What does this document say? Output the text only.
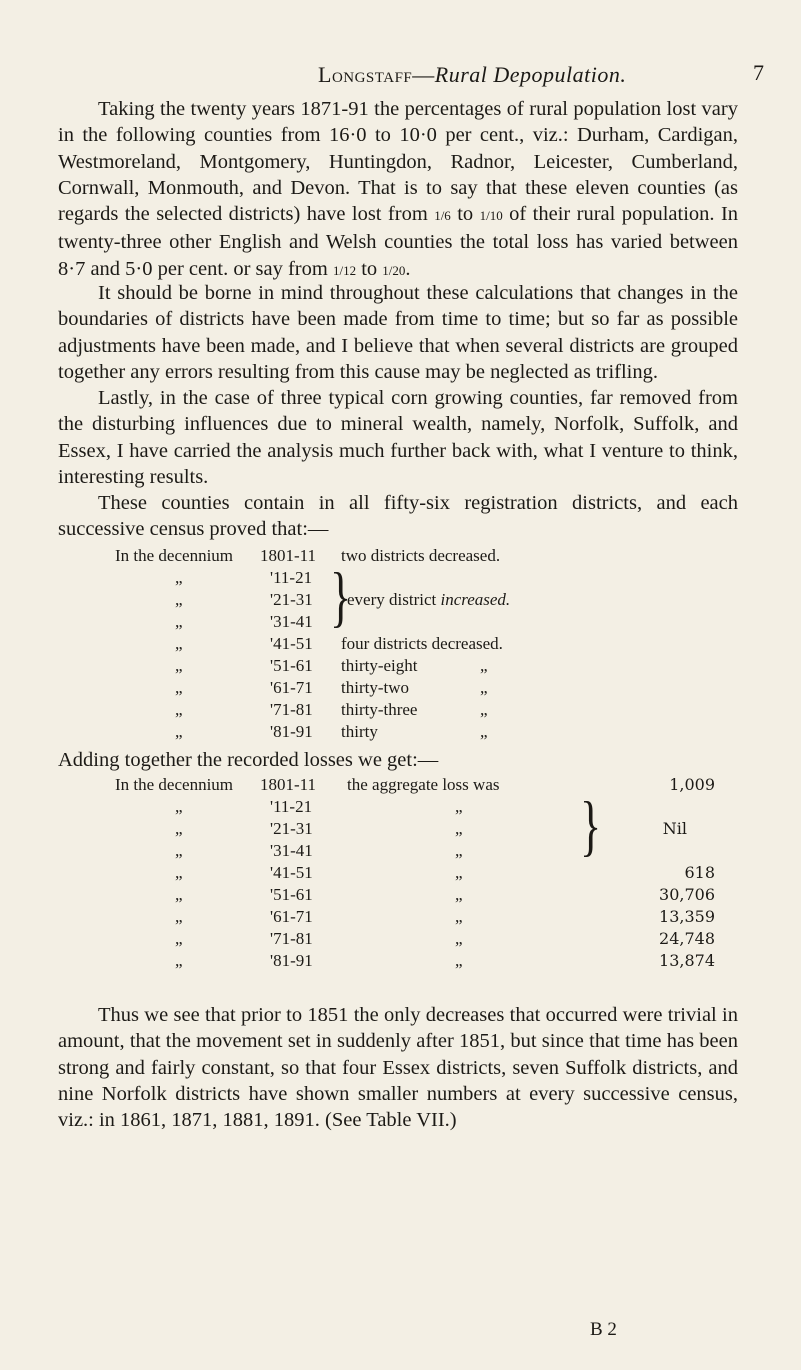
Longstaff—Rural Depopulation.	7

Taking the twenty years 1871-91 the percentages of rural population lost vary in the following counties from 16·0 to 10·0 per cent., viz.: Durham, Cardigan, Westmoreland, Montgomery, Huntingdon, Radnor, Leicester, Cumberland, Cornwall, Monmouth, and Devon. That is to say that these eleven counties (as regards the selected districts) have lost from 1/6 to 1/10 of their rural population. In twenty-three other English and Welsh counties the total loss has varied between 8·7 and 5·0 per cent. or say from 1/12 to 1/20.

It should be borne in mind throughout these calculations that changes in the boundaries of districts have been made from time to time; but so far as possible adjustments have been made, and I believe that when several districts are grouped together any errors resulting from this cause may be neglected as trifling.

Lastly, in the case of three typical corn growing counties, far removed from the disturbing influences due to mineral wealth, namely, Norfolk, Suffolk, and Essex, I have carried the analysis much further back with, what I venture to think, interesting results.

These counties contain in all fifty-six registration districts, and each successive census proved that:—

In the decennium 1801-11 two districts decreased.
„	'11-21 }
„	'21-31 every district increased.
„	'31-41
„	'41-51 four districts decreased.
„	'51-61 thirty-eight	„
„	'61-71 thirty-two	„
„	'71-81 thirty-three	„
„	'81-91 thirty	„

Adding together the recorded losses we get:—

In the decennium 1801-11 the aggregate loss was	1,009
„	'11-21	„	}
„	'21-31	„	Nil
„	'31-41	„
„	'41-51	„	618
„	'51-61	„	30,706
„	'61-71	„	13,359
„	'71-81	„	24,748
„	'81-91	„	13,874

Thus we see that prior to 1851 the only decreases that occurred were trivial in amount, that the movement set in suddenly after 1851, but since that time has been strong and fairly constant, so that four Essex districts, seven Suffolk districts, and nine Norfolk districts have shown smaller numbers at every successive census, viz.: in 1861, 1871, 1881, 1891. (See Table VII.)

B 2
